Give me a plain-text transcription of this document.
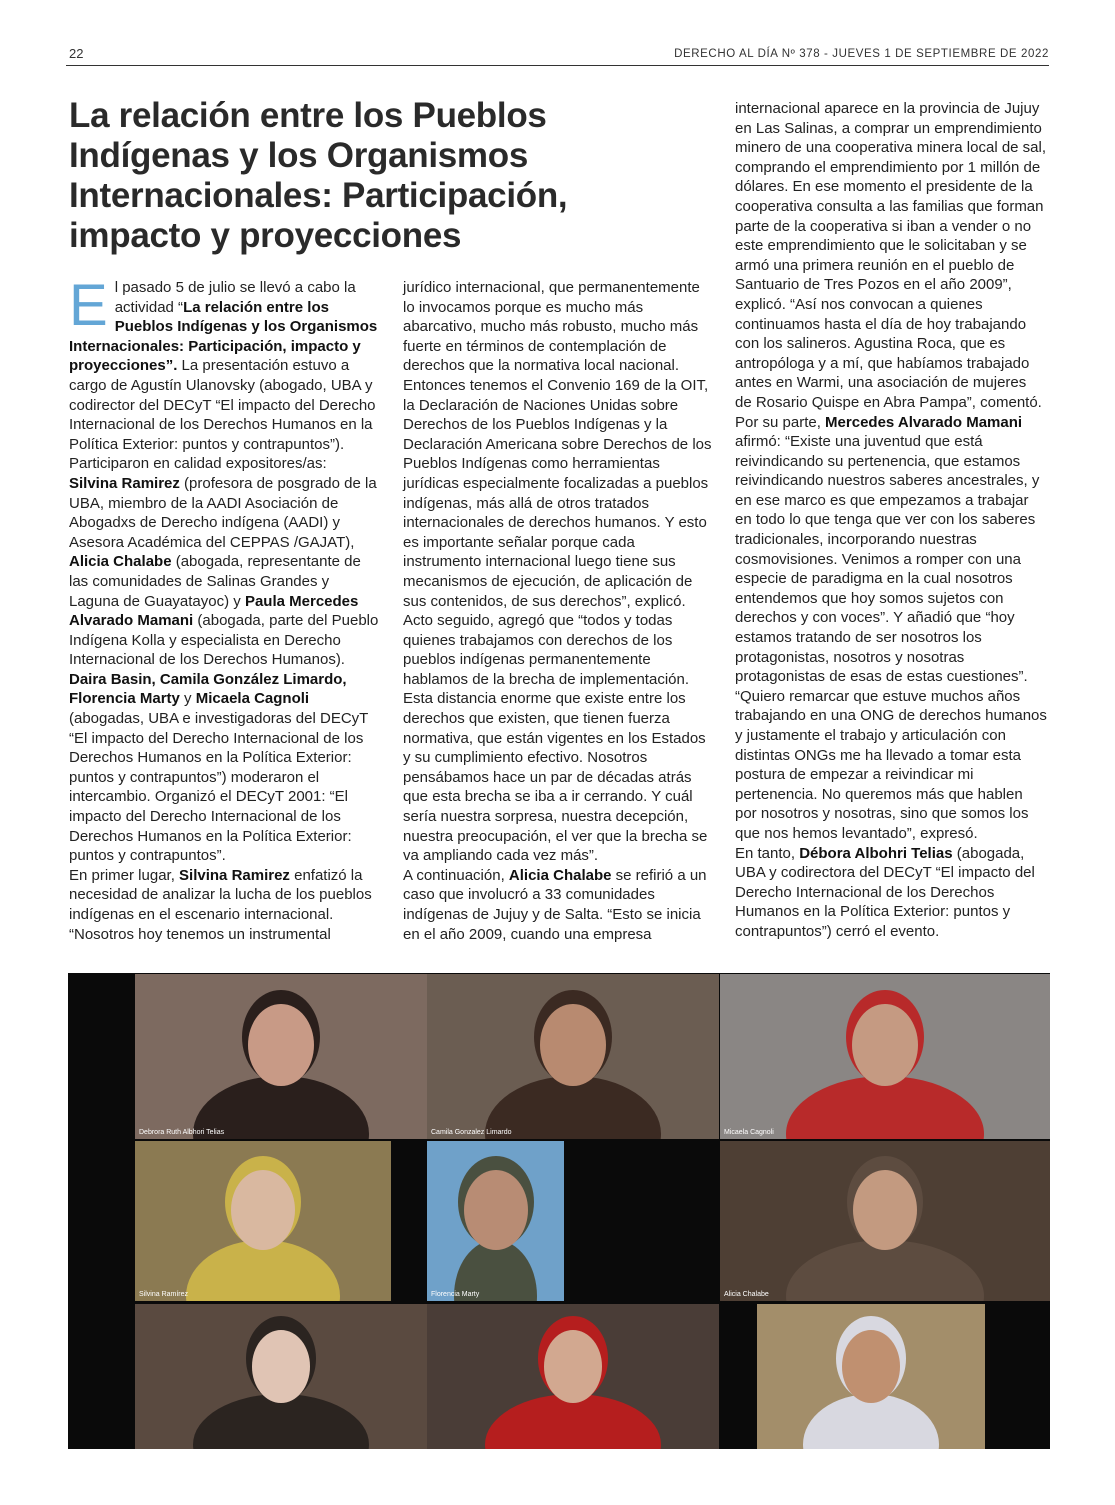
22	DERECHO AL DÍA Nº 378 - JUEVES 1 DE SEPTIEMBRE DE 2022
La relación entre los Pueblos Indígenas y los Organismos Internacionales: Participación, impacto y proyecciones
E l pasado 5 de julio se llevó a cabo la actividad “La relación entre los Pueblos Indígenas y los Organismos Internacionales: Participación, impacto y proyecciones”. La presentación estuvo a cargo de Agustín Ulanovsky (abogado, UBA y codirector del DECyT “El impacto del Derecho Internacional de los Derechos Humanos en la Política Exterior: puntos y contrapuntos”). Participaron en calidad expositores/as: Silvina Ramirez (profesora de posgrado de la UBA, miembro de la AADI Asociación de Abogadxs de Derecho indígena (AADI) y Asesora Académica del CEPPAS /GAJAT), Alicia Chalabe (abogada, representante de las comunidades de Salinas Grandes y Laguna de Guayatayoc) y Paula Mercedes Alvarado Mamani (abogada, parte del Pueblo Indígena Kolla y especialista en Derecho Internacional de los Derechos Humanos). Daira Basin, Camila González Limardo, Florencia Marty y Micaela Cagnoli (abogadas, UBA e investigadoras del DECyT “El impacto del Derecho Internacional de los Derechos Humanos en la Política Exterior: puntos y contrapuntos”) moderaron el intercambio. Organizó el DECyT 2001: “El impacto del Derecho Internacional de los Derechos Humanos en la Política Exterior: puntos y contrapuntos”.
En primer lugar, Silvina Ramirez enfatizó la necesidad de analizar la lucha de los pueblos indígenas en el escenario internacional. “Nosotros hoy tenemos un instrumental

jurídico internacional, que permanentemente lo invocamos porque es mucho más abarcativo, mucho más robusto, mucho más fuerte en términos de contemplación de derechos que la normativa local nacional. Entonces tenemos el Convenio 169 de la OIT, la Declaración de Naciones Unidas sobre Derechos de los Pueblos Indígenas y la Declaración Americana sobre Derechos de los Pueblos Indígenas como herramientas jurídicas especialmente focalizadas a pueblos indígenas, más allá de otros tratados internacionales de derechos humanos. Y esto es importante señalar porque cada instrumento internacional luego tiene sus mecanismos de ejecución, de aplicación de sus contenidos, de sus derechos”, explicó. Acto seguido, agregó que “todos y todas quienes trabajamos con derechos de los pueblos indígenas permanentemente hablamos de la brecha de implementación. Esta distancia enorme que existe entre los derechos que existen, que tienen fuerza normativa, que están vigentes en los Estados y su cumplimiento efectivo. Nosotros pensábamos hace un par de décadas atrás que esta brecha se iba a ir cerrando. Y cuál sería nuestra sorpresa, nuestra decepción, nuestra preocupación, el ver que la brecha se va ampliando cada vez más”.
A continuación, Alicia Chalabe se refirió a un caso que involucró a 33 comunidades indígenas de Jujuy y de Salta. “Esto se inicia en el año 2009, cuando una empresa

internacional aparece en la provincia de Jujuy en Las Salinas, a comprar un emprendimiento minero de una cooperativa minera local de sal, comprando el emprendimiento por 1 millón de dólares. En ese momento el presidente de la cooperativa consulta a las familias que forman parte de la cooperativa si iban a vender o no este emprendimiento que le solicitaban y se armó una primera reunión en el pueblo de Santuario de Tres Pozos en el año 2009”, explicó. “Así nos convocan a quienes continuamos hasta el día de hoy trabajando con los salineros. Agustina Roca, que es antropóloga y a mí, que habíamos trabajado antes en Warmi, una asociación de mujeres de Rosario Quispe en Abra Pampa”, comentó.
Por su parte, Mercedes Alvarado Mamani afirmó: “Existe una juventud que está reivindicando su pertenencia, que estamos reivindicando nuestros saberes ancestrales, y en ese marco es que empezamos a trabajar en todo lo que tenga que ver con los saberes tradicionales, incorporando nuestras cosmovisiones. Venimos a romper con una especie de paradigma en la cual nosotros entendemos que hoy somos sujetos con derechos y con voces”. Y añadió que “hoy estamos tratando de ser nosotros los protagonistas, nosotros y nosotras protagonistas de esas de estas cuestiones”. “Quiero remarcar que estuve muchos años trabajando en una ONG de derechos humanos y justamente el trabajo y articulación con distintas ONGs me ha llevado a tomar esta postura de empezar a reivindicar mi pertenencia. No queremos más que hablen por nosotros y nosotras, sino que somos los que nos hemos levantado”, expresó.
En tanto, Débora Albohri Telias (abogada, UBA y codirectora del DECyT “El impacto del Derecho Internacional de los Derechos Humanos en la Política Exterior: puntos y contrapuntos”) cerró el evento.

Debrora Ruth Albhori Telias	Camila Gonzalez Limardo	Micaela Cagnoli
Silvina Ramírez	Florencia Marty	Alicia Chalabe
